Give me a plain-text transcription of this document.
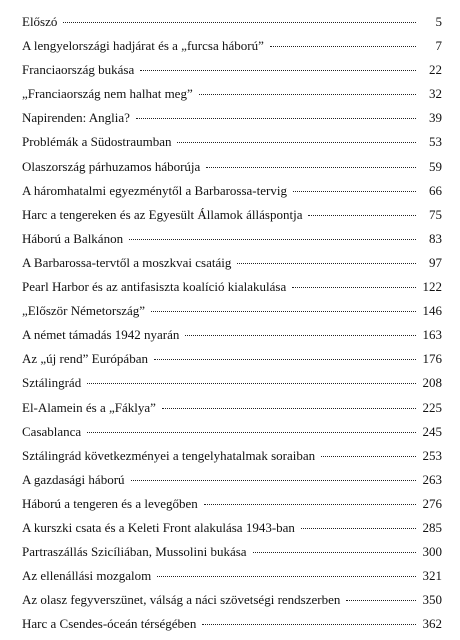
Előszó	5
A lengyelországi hadjárat és a „furcsa háború”	7
Franciaország bukása	22
„Franciaország nem halhat meg”	32
Napirenden: Anglia?	39
Problémák a Südostraumban	53
Olaszország párhuzamos háborúja	59
A háromhatalmi egyezménytől a Barbarossa-tervig	66
Harc a tengereken és az Egyesült Államok álláspontja	75
Háború a Balkánon	83
A Barbarossa-tervtől a moszkvai csatáig	97
Pearl Harbor és az antifasiszta koalíció kialakulása	122
„Először Németország”	146
A német támadás 1942 nyarán	163
Az „új rend” Európában	176
Sztálingrád	208
El-Alamein és a „Fáklya”	225
Casablanca	245
Sztálingrád következményei a tengelyhatalmak soraiban	253
A gazdasági háború	263
Háború a tengeren és a levegőben	276
A kurszki csata és a Keleti Front alakulása 1943-ban	285
Partraszállás Szicíliában, Mussolini bukása	300
Az ellenállási mozgalom	321
Az olasz fegyverszünet, válság a náci szövetségi rendszerben	350
Harc a Csendes-óceán térségében	362
